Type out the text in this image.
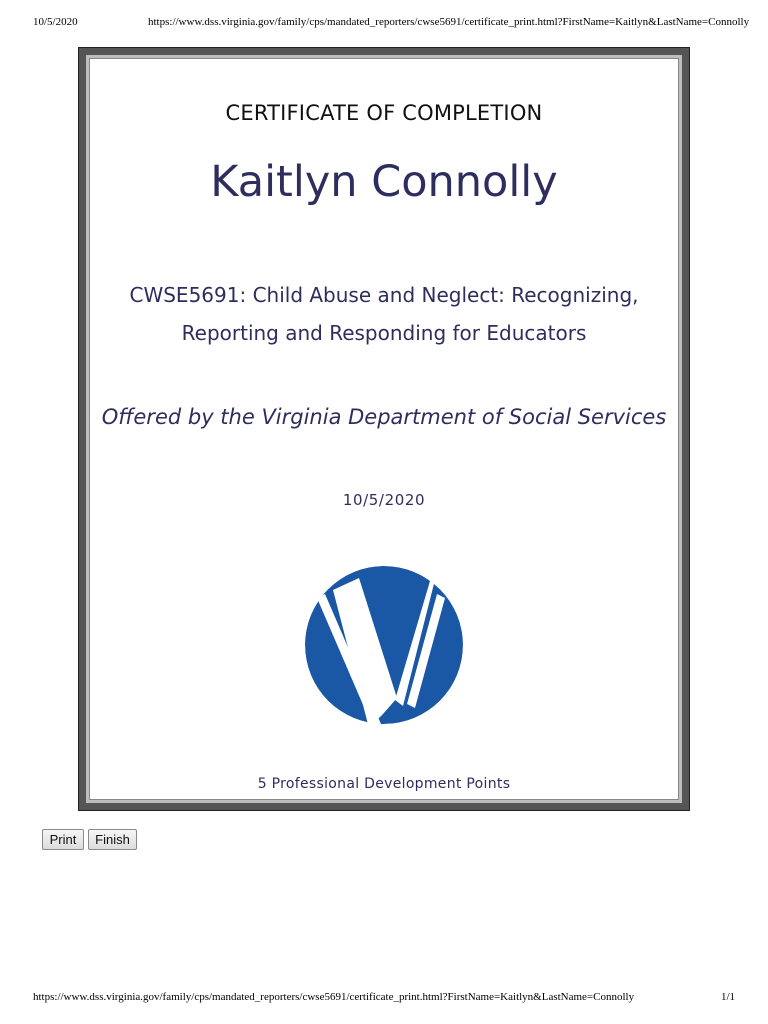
10/5/2020	https://www.dss.virginia.gov/family/cps/mandated_reporters/cwse5691/certificate_print.html?FirstName=Kaitlyn&LastName=Connolly
CERTIFICATE OF COMPLETION
Kaitlyn Connolly
CWSE5691: Child Abuse and Neglect: Recognizing,
Reporting and Responding for Educators
Offered by the Virginia Department of Social Services
10/5/2020
5 Professional Development Points
Print	Finish
https://www.dss.virginia.gov/family/cps/mandated_reporters/cwse5691/certificate_print.html?FirstName=Kaitlyn&LastName=Connolly	1/1
